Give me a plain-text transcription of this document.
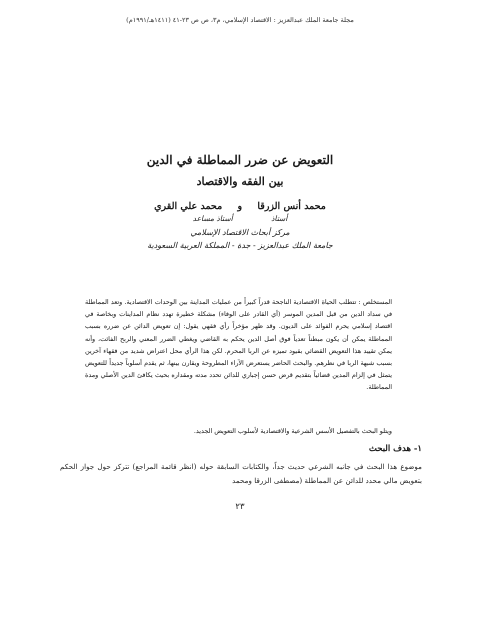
مجلة جامعة الملك عبدالعزيز : الاقتصاد الإسلامي، م٣، ص ص ٢٣-٤١ (١٤١١هـ/١٩٩١م)
التعويض عن ضرر المماطلة في الدين
بين الفقه والاقتصاد
محمد أنس الزرقا و محمد علي القري
أستاذ أستاذ مساعد
مركز أبحاث الاقتصاد الإسلامي
جامعة الملك عبدالعزيز - جدة - المملكة العربية السعودية

المستخلص : تتطلب الحياة الاقتصادية الناجحة قدراً كبيراً من عمليات المداينة بين الوحدات الاقتصادية. وتعد المماطلة في سداد الدين من قبل المدين الموسر (أي القادر على الوفاء) مشكلة خطيرة تهدد نظام المداينات وبخاصة في اقتصاد إسلامي يحرم الفوائد على الديون. وقد ظهر مؤخراً رأي فقهي يقول: إن تعويض الدائن عن ضرره بسبب المماطلة يمكن أن يكون مبطناً تعدياً فوق أصل الدين يحكم به القاضي ويغطي الضرر المعني والربح الفائت، وأنه يمكن تقييد هذا التعويض القضائي بقيود تميزه عن الربا المحرم. لكن هذا الرأي محل اعتراض شديد من فقهاء آخرين بسبب شبهة الربا في نظرهم. والبحث الحاضر يستعرض الآراء المطروحة ويقارن بينها، ثم يقدم أسلوباً جديداً للتعويض يتمثل في إلزام المدين قضائياً بتقديم قرض حسن إجباري للدائن تحدد مدته ومقداره بحيث يكافئ الدين الأصلي ومدة المماطلة.

ويتلو البحث بالتفصيل الأسس الشرعية والاقتصادية لأسلوب التعويض الجديد.
١- هدف البحث
موضوع هذا البحث في جانبه الشرعي حديث جداً، والكتابات السابقة حوله (انظر قائمة المراجع) تتركز حول جواز الحكم بتعويض مالي محدد للدائن عن المماطلة (مصطفى الزرقا ومحمد
٢٣
